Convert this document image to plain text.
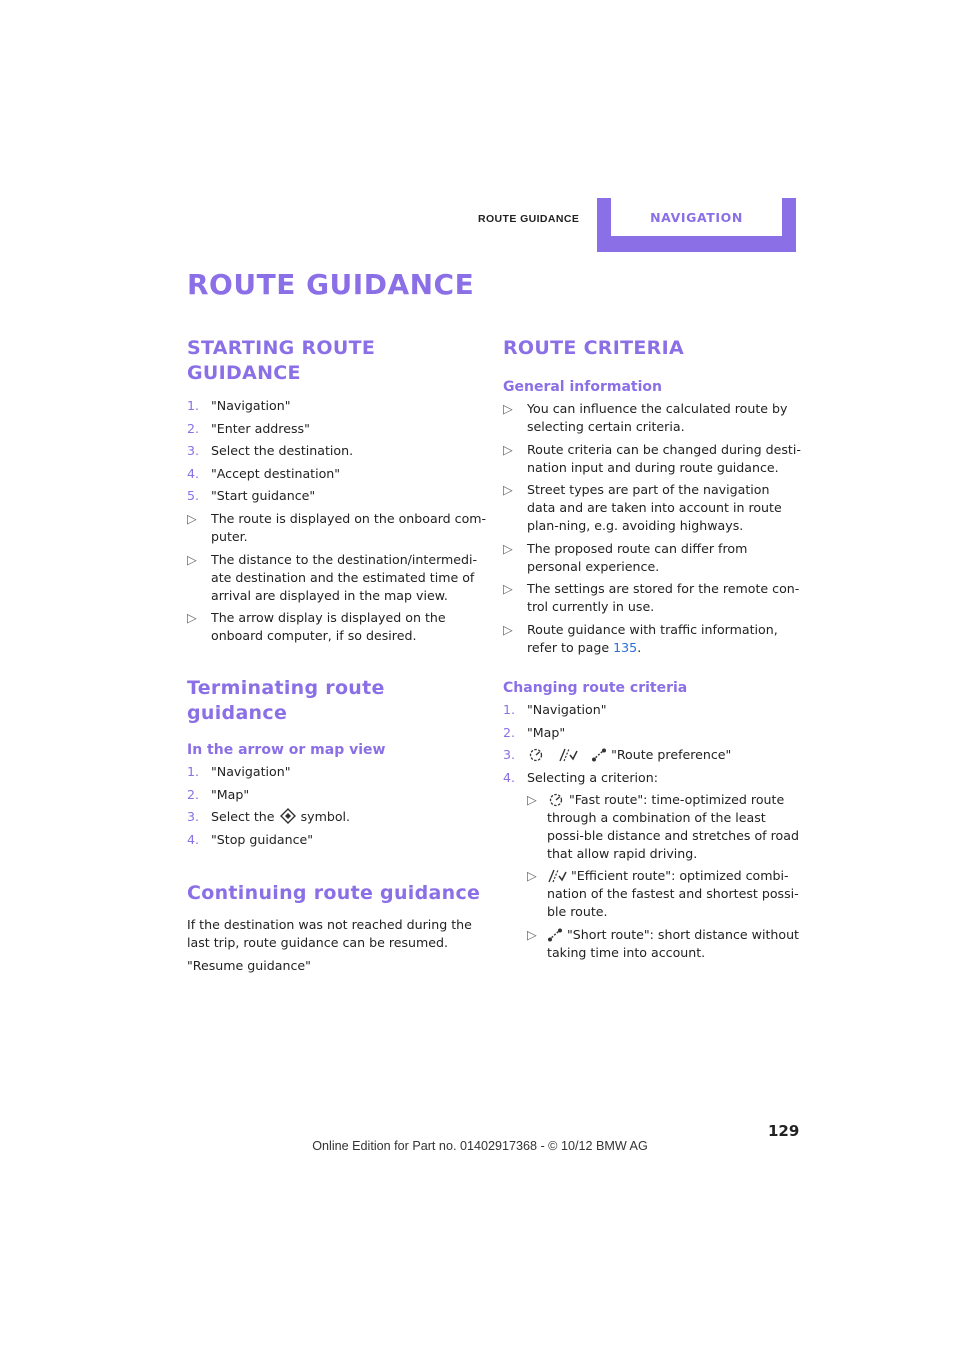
ROUTE GUIDANCE	NAVIGATION
ROUTE GUIDANCE
STARTING ROUTE GUIDANCE
1. "Navigation"
2. "Enter address"
3. Select the destination.
4. "Accept destination"
5. "Start guidance"
▷ The route is displayed on the onboard com-puter.
▷ The distance to the destination/intermedi-ate destination and the estimated time of arrival are displayed in the map view.
▷ The arrow display is displayed on the onboard computer, if so desired.
Terminating route guidance
In the arrow or map view
1. "Navigation"
2. "Map"
3. Select the symbol.
4. "Stop guidance"
Continuing route guidance

If the destination was not reached during the last trip, route guidance can be resumed.

"Resume guidance"

ROUTE CRITERIA
General information
▷ You can influence the calculated route by selecting certain criteria.
▷ Route criteria can be changed during desti-nation input and during route guidance.
▷ Street types are part of the navigation data and are taken into account in route plan-ning, e.g. avoiding highways.
▷ The proposed route can differ from personal experience.
▷ The settings are stored for the remote con-trol currently in use.
▷ Route guidance with traffic information, refer to page 135.
Changing route criteria
1. "Navigation"
2. "Map"
3.	"Route preference"
4. Selecting a criterion:
▷	"Fast route": time-optimized route through a combination of the least possi-ble distance and stretches of road that allow rapid driving.
▷	"Efficient route": optimized combi-nation of the fastest and shortest possi-ble route.
▷ "Short route": short distance without taking time into account.
129
Online Edition for Part no. 01402917368 - © 10/12 BMW AG
